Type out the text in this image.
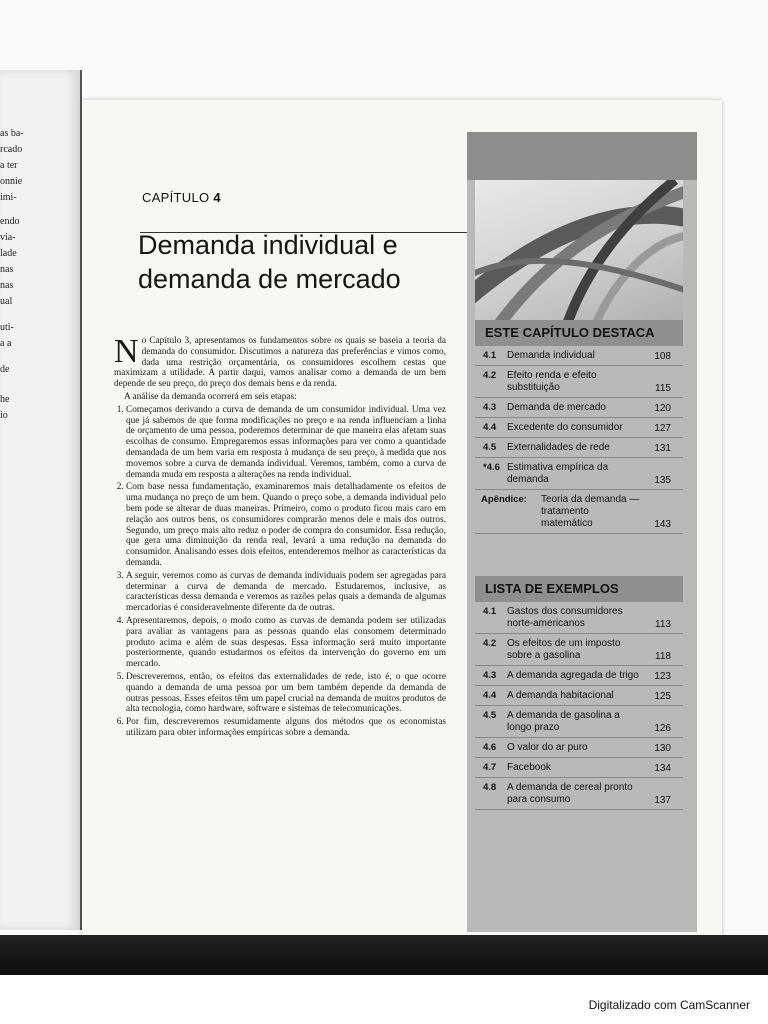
as ba-
rcado
a ter
onnie
imi-
endo
via-
lade
nas
nas
ual
uti-
a a
de
he
io
CAPÍTULO 4
Demanda individual e
demanda de mercado

No Capítulo 3, apresentamos os fundamentos sobre os quais se baseia a teoria da demanda do consumidor. Discutimos a natureza das preferências e vimos como, dada uma restrição orçamentária, os consumidores escolhem cestas que maximizam a utilidade. A partir daqui, vamos analisar como a demanda de um bem depende de seu preço, do preço dos demais bens e da renda.

A análise da demanda ocorrerá em seis etapas:

1. Começamos derivando a curva de demanda de um consumidor individual. Uma vez que já sabemos de que forma modificações no preço e na renda influenciam a linha de orçamento de uma pessoa, poderemos determinar de que maneira elas afetam suas escolhas de consumo. Empregaremos essas informações para ver como a quantidade demandada de um bem varia em resposta à mudança de seu preço, à medida que nos movemos sobre a curva de demanda individual. Veremos, também, como a curva de demanda muda em resposta a alterações na renda individual.
2. Com base nessa fundamentação, examinaremos mais detalhadamente os efeitos de uma mudança no preço de um bem. Quando o preço sobe, a demanda individual pelo bem pode se alterar de duas maneiras. Primeiro, como o produto ficou mais caro em relação aos outros bens, os consumidores comprarão menos dele e mais dos outros. Segundo, um preço mais alto reduz o poder de compra do consumidor. Essa redução, que gera uma diminuição da renda real, levará a uma redução na demanda do consumidor. Analisando esses dois efeitos, entenderemos melhor as características da demanda.
3. A seguir, veremos como as curvas de demanda individuais podem ser agregadas para determinar a curva de demanda de mercado. Estudaremos, inclusive, as características dessa demanda e veremos as razões pelas quais a demanda de algumas mercadorias é consideravelmente diferente da de outras.
4. Apresentaremos, depois, o modo como as curvas de demanda podem ser utilizadas para avaliar as vantagens para as pessoas quando elas consomem determinado produto acima e além de suas despesas. Essa informação será muito importante posteriormente, quando estudarmos os efeitos da intervenção do governo em um mercado.
5. Descreveremos, então, os efeitos das externalidades de rede, isto é, o que ocorre quando a demanda de uma pessoa por um bem também depende da demanda de outras pessoas. Esses efeitos têm um papel crucial na demanda de muitos produtos de alta tecnologia, como hardware, software e sistemas de telecomunicações.
6. Por fim, descreveremos resumidamente alguns dos métodos que os economistas utilizam para obter informações empíricas sobre a demanda.
ESTE CAPÍTULO DESTACA
4.1 Demanda individual	108
4.2 Efeito renda e efeito substituição	115
4.3 Demanda de mercado	120
4.4 Excedente do consumidor	127
4.5 Externalidades de rede	131
*4.6 Estimativa empírica da demanda	135
Apêndice: Teoria da demanda — tratamento matemático	143
LISTA DE EXEMPLOS
4.1 Gastos dos consumidores norte-americanos	113
4.2 Os efeitos de um imposto sobre a gasolina	118
4.3 A demanda agregada de trigo	123
4.4 A demanda habitacional	125
4.5 A demanda de gasolina a longo prazo	126
4.6 O valor do ar puro	130
4.7 Facebook	134
4.8 A demanda de cereal pronto para consumo	137
Digitalizado com CamScanner
